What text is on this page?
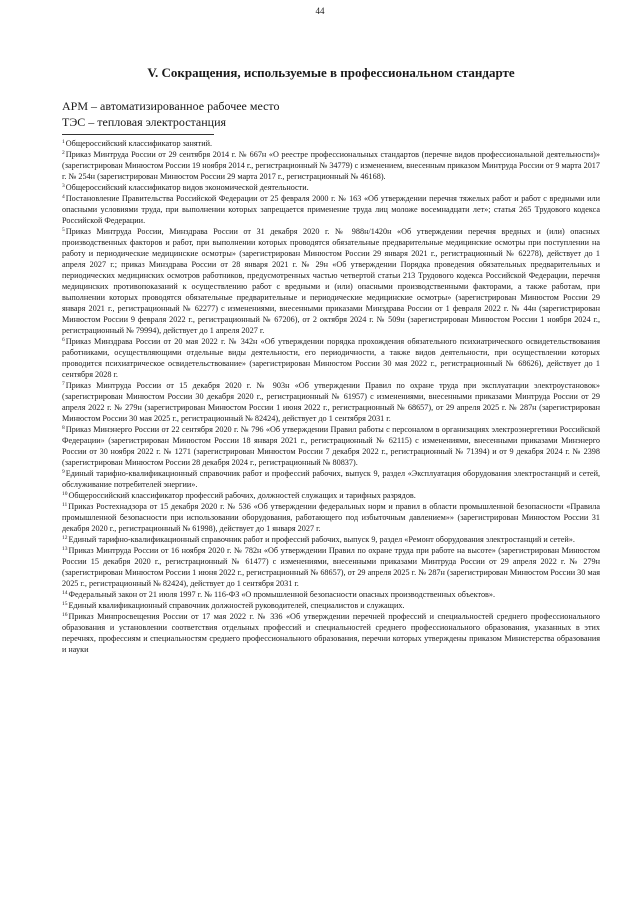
44
V. Сокращения, используемые в профессиональном стандарте
АРМ – автоматизированное рабочее место
ТЭС – тепловая электростанция

$^1$Общероссийский классификатор занятий.

$^2$Приказ Минтруда России от 29 сентября 2014 г. № 667н «О реестре профессиональных стандартов (перечне видов профессиональной деятельности)» (зарегистрирован Минюстом России 19 ноября 2014 г., регистрационный № 34779) с изменением, внесенным приказом Минтруда России от 9 марта 2017 г. № 254н (зарегистрирован Минюстом России 29 марта 2017 г., регистрационный № 46168).

$^3$Общероссийский классификатор видов экономической деятельности.

$^4$Постановление Правительства Российской Федерации от 25 февраля 2000 г. № 163 «Об утверждении перечня тяжелых работ и работ с вредными или опасными условиями труда, при выполнении которых запрещается применение труда лиц моложе восемнадцати лет»; статья 265 Трудового кодекса Российской Федерации.

$^5$Приказ Минтруда России, Минздрава России от 31 декабря 2020 г. № 988н/1420н «Об утверждении перечня вредных и (или) опасных производственных факторов и работ, при выполнении которых проводятся обязательные предварительные медицинские осмотры при поступлении на работу и периодические медицинские осмотры» (зарегистрирован Минюстом России 29 января 2021 г., регистрационный № 62278), действует до 1 апреля 2027 г.; приказ Минздрава России от 28 января 2021 г. № 29н «Об утверждении Порядка проведения обязательных предварительных и периодических медицинских осмотров работников, предусмотренных частью четвертой статьи 213 Трудового кодекса Российской Федерации, перечня медицинских противопоказаний к осуществлению работ с вредными и (или) опасными производственными факторами, а также работам, при выполнении которых проводятся обязательные предварительные и периодические медицинские осмотры» (зарегистрирован Минюстом России 29 января 2021 г., регистрационный № 62277) с изменениями, внесенными приказами Минздрава России от 1 февраля 2022 г. № 44н (зарегистрирован Минюстом России 9 февраля 2022 г., регистрационный № 67206), от 2 октября 2024 г. № 509н (зарегистрирован Минюстом России 1 ноября 2024 г., регистрационный № 79994), действует до 1 апреля 2027 г.

$^6$Приказ Минздрава России от 20 мая 2022 г. № 342н «Об утверждении порядка прохождения обязательного психиатрического освидетельствования работниками, осуществляющими отдельные виды деятельности, его периодичности, а также видов деятельности, при осуществлении которых проводится психиатрическое освидетельствование» (зарегистрирован Минюстом России 30 мая 2022 г., регистрационный № 68626), действует до 1 сентября 2028 г.

$^7$Приказ Минтруда России от 15 декабря 2020 г. № 903н «Об утверждении Правил по охране труда при эксплуатации электроустановок» (зарегистрирован Минюстом России 30 декабря 2020 г., регистрационный № 61957) с изменениями, внесенными приказами Минтруда России от 29 апреля 2022 г. № 279н (зарегистрирован Минюстом России 1 июня 2022 г., регистрационный № 68657), от 29 апреля 2025 г. № 287н (зарегистрирован Минюстом России 30 мая 2025 г., регистрационный № 82424), действует до 1 сентября 2031 г.

$^8$Приказ Минэнерго России от 22 сентября 2020 г. № 796 «Об утверждении Правил работы с персоналом в организациях электроэнергетики Российской Федерации» (зарегистрирован Минюстом России 18 января 2021 г., регистрационный № 62115) с изменениями, внесенными приказами Минэнерго России от 30 ноября 2022 г. № 1271 (зарегистрирован Минюстом России 7 декабря 2022 г., регистрационный № 71394) и от 9 декабря 2024 г. № 2398 (зарегистрирован Минюстом России 28 декабря 2024 г., регистрационный № 80837).

$^9$Единый тарифно-квалификационный справочник работ и профессий рабочих, выпуск 9, раздел «Эксплуатация оборудования электростанций и сетей, обслуживание потребителей энергии».

$^{10}$Общероссийский классификатор профессий рабочих, должностей служащих и тарифных разрядов.

$^{11}$Приказ Ростехнадзора от 15 декабря 2020 г. № 536 «Об утверждении федеральных норм и правил в области промышленной безопасности «Правила промышленной безопасности при использовании оборудования, работающего под избыточным давлением»» (зарегистрирован Минюстом России 31 декабря 2020 г., регистрационный № 61998), действует до 1 января 2027 г.

$^{12}$Единый тарифно-квалификационный справочник работ и профессий рабочих, выпуск 9, раздел «Ремонт оборудования электростанций и сетей».

$^{13}$Приказ Минтруда России от 16 ноября 2020 г. № 782н «Об утверждении Правил по охране труда при работе на высоте» (зарегистрирован Минюстом России 15 декабря 2020 г., регистрационный № 61477) с изменениями, внесенными приказами Минтруда России от 29 апреля 2022 г. № 279н (зарегистрирован Минюстом России 1 июня 2022 г., регистрационный № 68657), от 29 апреля 2025 г. № 287н (зарегистрирован Минюстом России 30 мая 2025 г., регистрационный № 82424), действует до 1 сентября 2031 г.

$^{14}$Федеральный закон от 21 июля 1997 г. № 116-ФЗ «О промышленной безопасности опасных производственных объектов».

$^{15}$Единый квалификационный справочник должностей руководителей, специалистов и служащих.

$^{16}$Приказ Минпросвещения России от 17 мая 2022 г. № 336 «Об утверждении перечней профессий и специальностей среднего профессионального образования и установлении соответствия отдельных профессий и специальностей среднего профессионального образования, указанных в этих перечнях, профессиям и специальностям среднего профессионального образования, перечни которых утверждены приказом Министерства образования и науки
